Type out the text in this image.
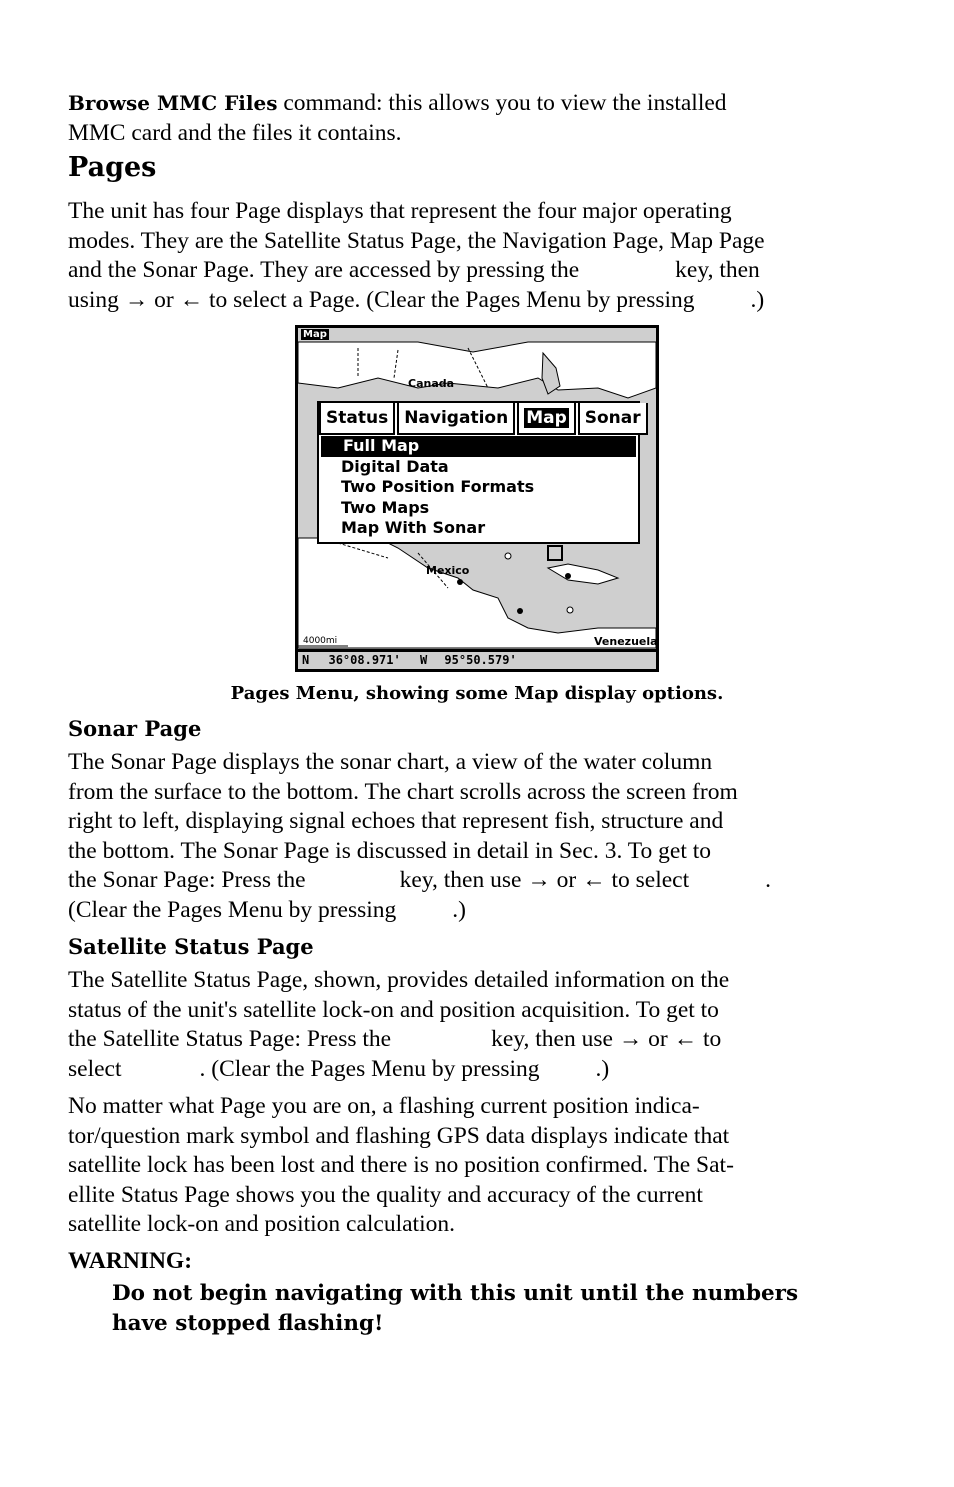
Browse MMC Files command: this allows you to view the installed

MMC card and the files it contains.

Pages

The unit has four Page displays that represent the four major operating

modes. They are the Satellite Status Page, the Navigation Page, Map Page

and the Sonar Page. They are accessed by pressing the	key, then

using → or ← to select a Page. (Clear the Pages Menu by pressing .)

Map
Canada
Mexico
Venezuela
4000mi
Status Navigation	Map	Sonar
Full Map
Digital Data
Two Position Formats
Two Maps
Map With Sonar
N 36°08.971' W 95°50.579'
Pages Menu, showing some Map display options.
Sonar Page

The Sonar Page displays the sonar chart, a view of the water column

from the surface to the bottom. The chart scrolls across the screen from

right to left, displaying signal echoes that represent fish, structure and

the bottom. The Sonar Page is discussed in detail in Sec. 3. To get to

the Sonar Page: Press the	key, then use → or ← to select	.

(Clear the Pages Menu by pressing .)

Satellite Status Page

The Satellite Status Page, shown, provides detailed information on the

status of the unit's satellite lock-on and position acquisition. To get to

the Satellite Status Page: Press the	key, then use → or ← to

select	. (Clear the Pages Menu by pressing .)

No matter what Page you are on, a flashing current position indica-

tor/question mark symbol and flashing GPS data displays indicate that

satellite lock has been lost and there is no position confirmed. The Sat-

ellite Status Page shows you the quality and accuracy of the current

satellite lock-on and position calculation.

WARNING:
Do not begin navigating with this unit until the numbers
have stopped flashing!
